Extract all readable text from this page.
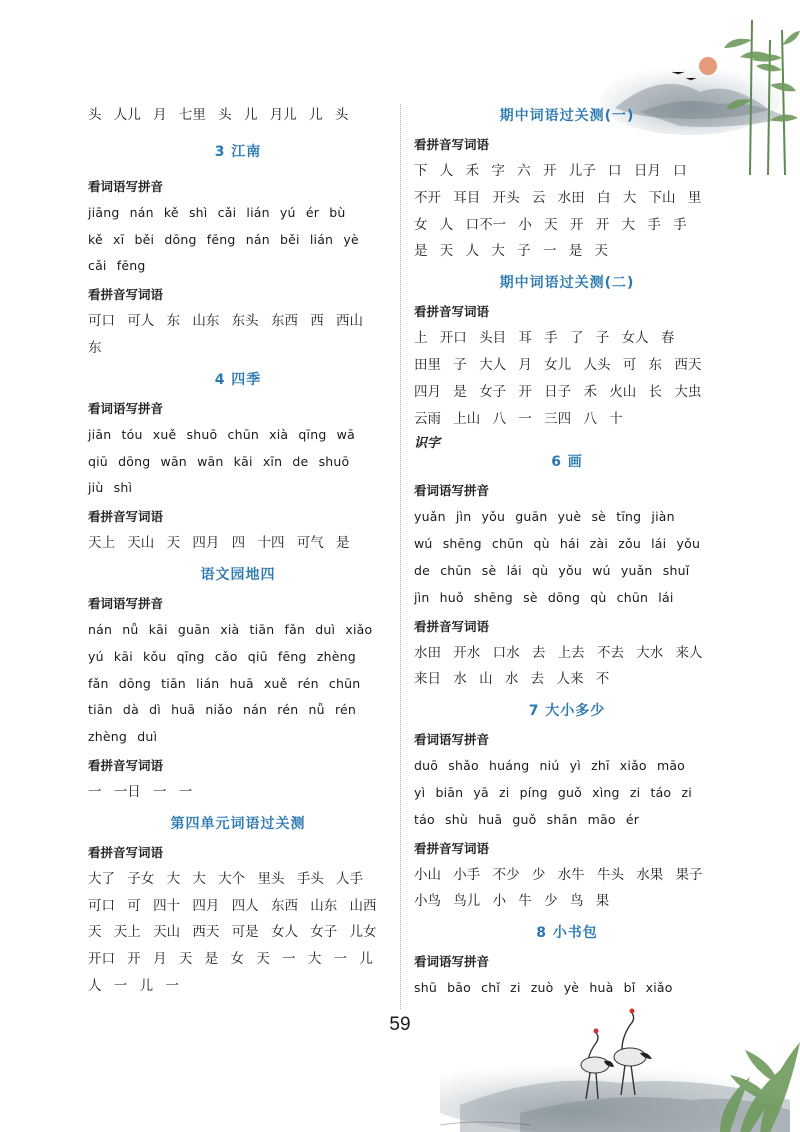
头 人儿 月 七里 头 儿 月儿 儿 头
3 江南
看词语写拼音
jiāng nán kě shì cǎi lián yú ér bù
kě xī běi dōng fēng nán běi lián yè
cǎi fēng
看拼音写词语
可口 可人 东 山东 东头 东西 西 西山
东
4 四季
看词语写拼音
jiān tóu xuě shuō chūn xià qīng wā
qiū dōng wān wān kāi xīn de shuō
jiù shì
看拼音写词语
天上 天山 天 四月 四 十四 可气 是
语文园地四
看词语写拼音
nán nǚ kāi guān xià tiān fǎn duì xiǎo
yú kāi kǒu qīng cǎo qiū fēng zhèng
fǎn dōng tiān lián huā xuě rén chūn
tiān dà dì huā niǎo nán rén nǚ rén
zhèng duì
看拼音写词语
一 一日 一 一
第四单元词语过关测
看拼音写词语
大了 子女 大 大 大个 里头 手头 人手
可口 可 四十 四月 四人 东西 山东 山西
天 天上 天山 西天 可是 女人 女子 儿女
开口 开 月 天 是 女 天 一 大 一 儿
人 一 儿 一
期中词语过关测(一)
看拼音写词语
下 人 禾 字 六 开 儿子 口 日月 口
不开 耳目 开头 云 水田 白 大 下山 里
女 人 口不一 小 天 开 开 大 手 手
是 天 人 大 子 一 是 天
期中词语过关测(二)
看拼音写词语
上 开口 头目 耳 手 了 子 女人 春
田里 子 大人 月 女儿 人头 可 东 西天
四月 是 女子 开 日子 禾 火山 长 大虫
云雨 上山 八 一 三四 八 十
识字
6 画
看词语写拼音
yuǎn jìn yǒu guān yuè sè tīng jiàn
wú shēng chūn qù hái zài zǒu lái yǒu
de chūn sè lái qù yǒu wú yuǎn shuǐ
jìn huǒ shēng sè dōng qù chūn lái
看拼音写词语
水田 开水 口水 去 上去 不去 大水 来人
来日 水 山 水 去 人来 不
7 大小多少
看词语写拼音
duō shǎo huáng niú yì zhī xiǎo māo
yì biān yā zi píng guǒ xìng zi táo zi
táo shù huā guǒ shān māo ér
看拼音写词语
小山 小手 不少 少 水牛 牛头 水果 果子
小鸟 鸟儿 小 牛 少 鸟 果
8 小书包
看词语写拼音
shū bāo chǐ zi zuò yè huà bǐ xiǎo
59
